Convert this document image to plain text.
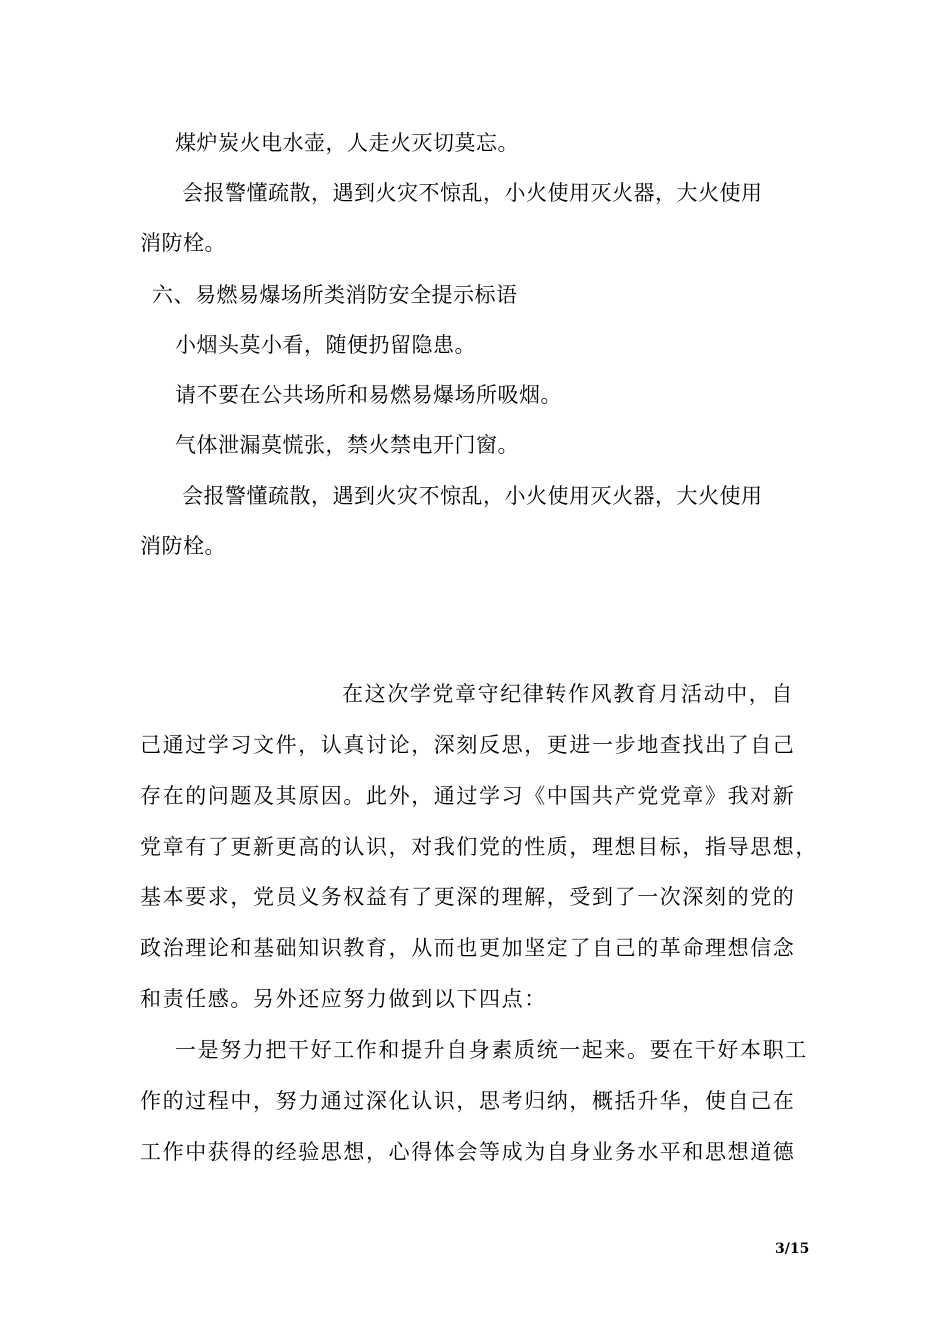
煤炉炭火电水壶，人走火灭切莫忘。
会报警懂疏散，遇到火灾不惊乱，小火使用灭火器，大火使用
消防栓。
六、易燃易爆场所类消防安全提示标语
小烟头莫小看，随便扔留隐患。
请不要在公共场所和易燃易爆场所吸烟。
气体泄漏莫慌张，禁火禁电开门窗。
会报警懂疏散，遇到火灾不惊乱，小火使用灭火器，大火使用
消防栓。
在这次学党章守纪律转作风教育月活动中，自
己通过学习文件，认真讨论，深刻反思，更进一步地查找出了自己
存在的问题及其原因。此外，通过学习《中国共产党党章》我对新
党章有了更新更高的认识，对我们党的性质，理想目标，指导思想，
基本要求，党员义务权益有了更深的理解，受到了一次深刻的党的
政治理论和基础知识教育，从而也更加坚定了自己的革命理想信念
和责任感。另外还应努力做到以下四点：
一是努力把干好工作和提升自身素质统一起来。要在干好本职工
作的过程中，努力通过深化认识，思考归纳，概括升华，使自己在
工作中获得的经验思想，心得体会等成为自身业务水平和思想道德
3/15
